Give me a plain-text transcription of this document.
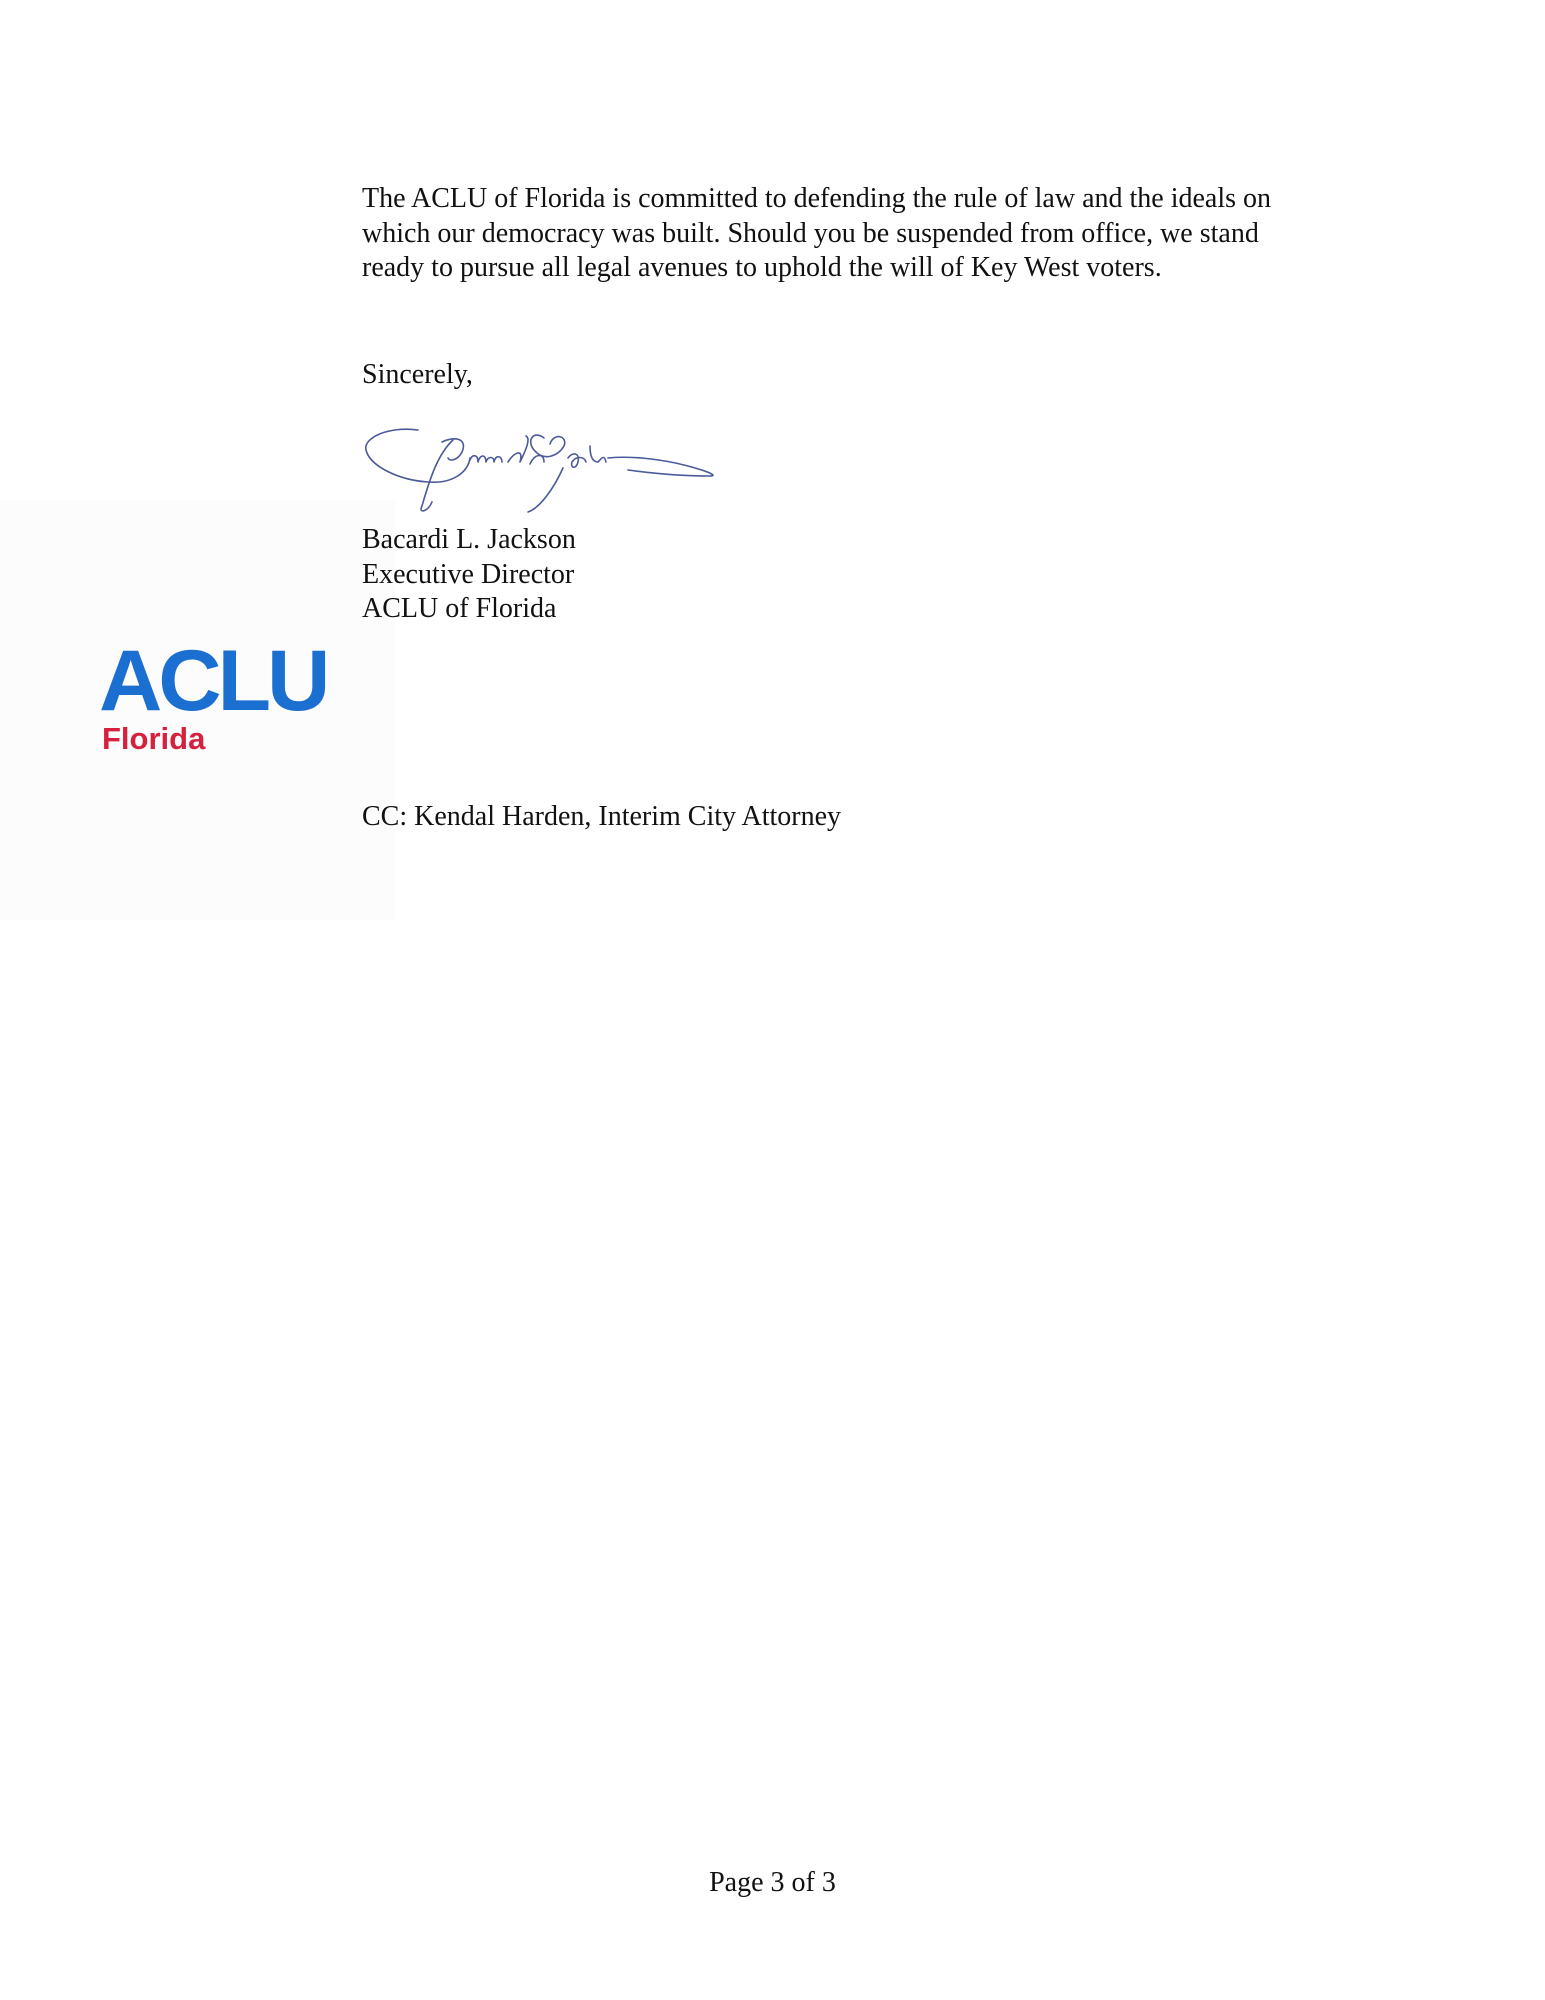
The ACLU of Florida is committed to defending the rule of law and the ideals on
which our democracy was built. Should you be suspended from office, we stand
ready to pursue all legal avenues to uphold the will of Key West voters.

Sincerely,

Bacardi L. Jackson
Executive Director
ACLU of Florida
ACLU
Florida
CC: Kendal Harden, Interim City Attorney
Page 3 of 3
